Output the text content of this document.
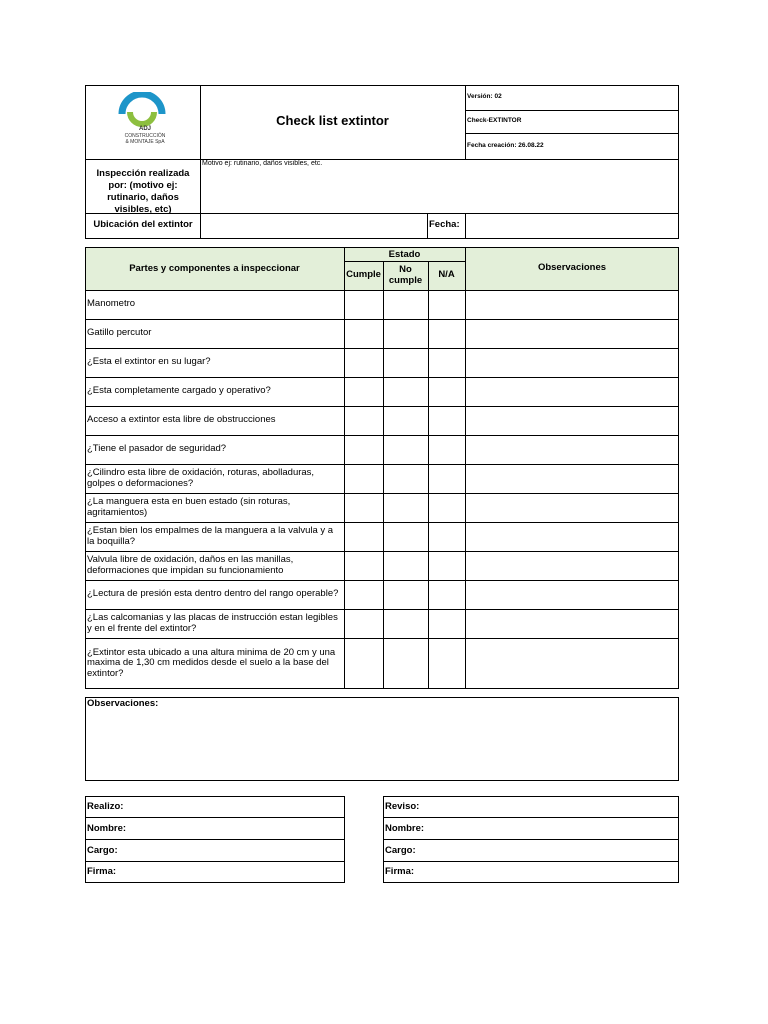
ADJ
CONSTRUCCIÓN
& MONTAJE SpA
Check list extintor
Versión: 02
Check-EXTINTOR
Fecha creación: 26.08.22
Inspección realizada por: (motivo ej: rutinario, daños visibles, etc)
Motivo ej: rutinario, daños visibles, etc.
Ubicación del extintor	Fecha:
Partes y componentes a inspeccionar
Estado
Cumple	No cumple
N/A
Observaciones
Manometro
Gatillo percutor
¿Esta el extintor en su lugar?
¿Esta completamente cargado y operativo?
Acceso a extintor esta libre de obstrucciones
¿Tiene el pasador de seguridad?
¿Cilindro esta libre de oxidación, roturas, abolladuras, golpes o deformaciones?
¿La manguera esta en buen estado (sin roturas, agritamientos)
¿Estan bien los empalmes de la manguera a la valvula y a la boquilla?
Valvula libre de oxidación, daños en las manillas, deformaciones que impidan su funcionamiento
¿Lectura de presión esta dentro dentro del rango operable?
¿Las calcomanias y las placas de instrucción estan legibles y en el frente del extintor?
¿Extintor esta ubicado a una altura minima de 20 cm y una maxima de 1,30 cm medidos desde el suelo a la base del extintor?
Observaciones:
Realizo:
Nombre:
Cargo:
Firma:
Reviso:
Nombre:
Cargo:
Firma:
